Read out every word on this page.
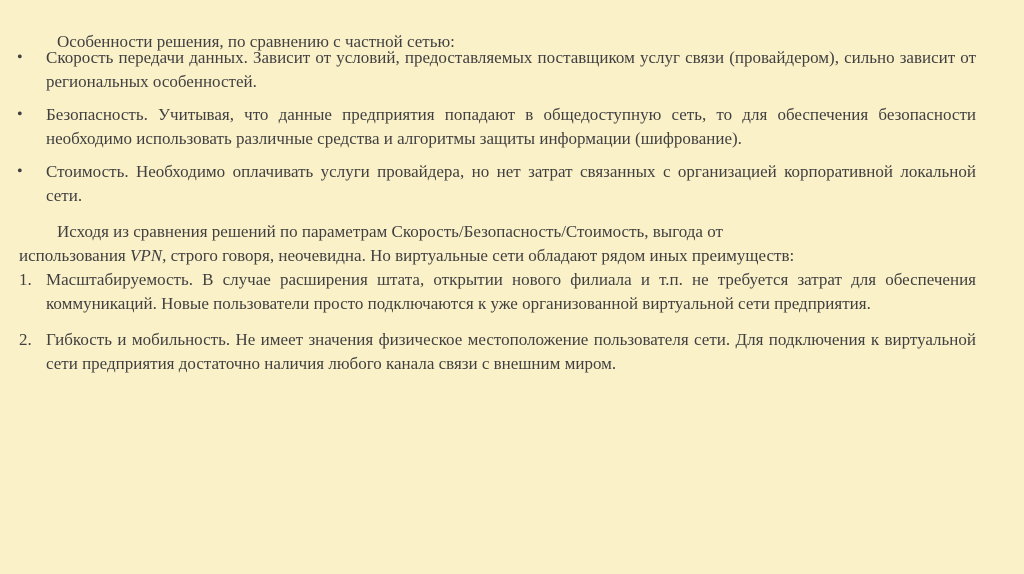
Особенности решения, по сравнению с частной сетью:

• Скорость передачи данных. Зависит от условий, предоставляемых поставщиком услуг связи (провайдером), сильно зависит от региональных особенностей.
• Безопасность. Учитывая, что данные предприятия попадают в общедоступную сеть, то для обеспечения безопасности необходимо использовать различные средства и алгоритмы защиты информации (шифрование).
• Стоимость. Необходимо оплачивать услуги провайдера, но нет затрат связанных с организацией корпоративной локальной сети.
Исходя из сравнения решений по параметрам Скорость/Безопасность/Стоимость, выгода от
использования VPN, строго говоря, неочевидна. Но виртуальные сети обладают рядом иных преимуществ:
1. Масштабируемость. В случае расширения штата, открытии нового филиала и т.п. не требуется затрат для обеспечения коммуникаций. Новые пользователи просто подключаются к уже организованной виртуальной сети предприятия.
2. Гибкость и мобильность. Не имеет значения физическое местоположение пользователя сети. Для подключения к виртуальной сети предприятия достаточно наличия любого канала связи с внешним миром.
